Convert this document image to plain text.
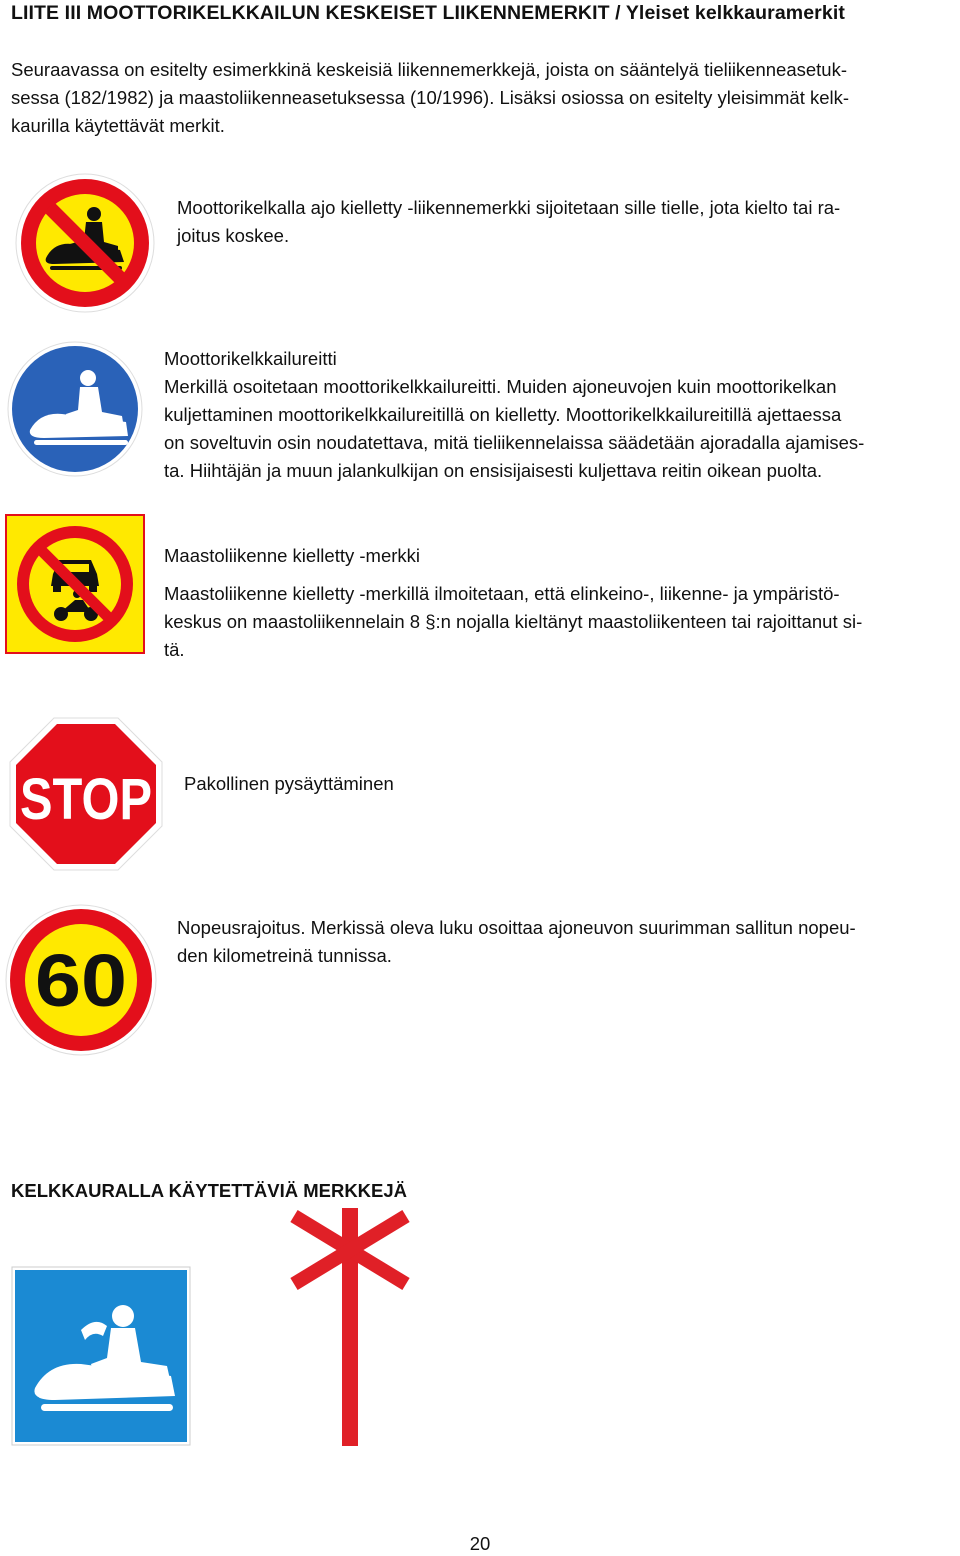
LIITE III MOOTTORIKELKKAILUN KESKEISET LIIKENNEMERKIT / Yleiset kelkkauramerkit
Seuraavassa on esitelty esimerkkinä keskeisiä liikennemerkkejä, joista on sääntelyä tieliikenneasetuk-
sessa (182/1982) ja maastoliikenneasetuksessa (10/1996). Lisäksi osiossa on esitelty yleisimmät kelk-
kaurilla käytettävät merkit.
Moottorikelkalla ajo kielletty -liikennemerkki sijoitetaan sille tielle, jota kielto tai ra-
joitus koskee.
Moottorikelkkailureitti
Merkillä osoitetaan moottorikelkkailureitti. Muiden ajoneuvojen kuin moottorikelkan
kuljettaminen moottorikelkkailureitillä on kielletty. Moottorikelkkailureitillä ajettaessa
on soveltuvin osin noudatettava, mitä tieliikennelaissa säädetään ajoradalla ajamises-
ta. Hiihtäjän ja muun jalankulkijan on ensisijaisesti kuljettava reitin oikean puolta.
Maastoliikenne kielletty -merkki
Maastoliikenne kielletty -merkillä ilmoitetaan, että elinkeino-, liikenne- ja ympäristö-
keskus on maastoliikennelain 8 §:n nojalla kieltänyt maastoliikenteen tai rajoittanut si-
tä.
STOP Pakollinen pysäyttäminen
60
Nopeusrajoitus. Merkissä oleva luku osoittaa ajoneuvon suurimman sallitun nopeu-
den kilometreinä tunnissa.
KELKKAURALLA KÄYTETTÄVIÄ MERKKEJÄ
20
